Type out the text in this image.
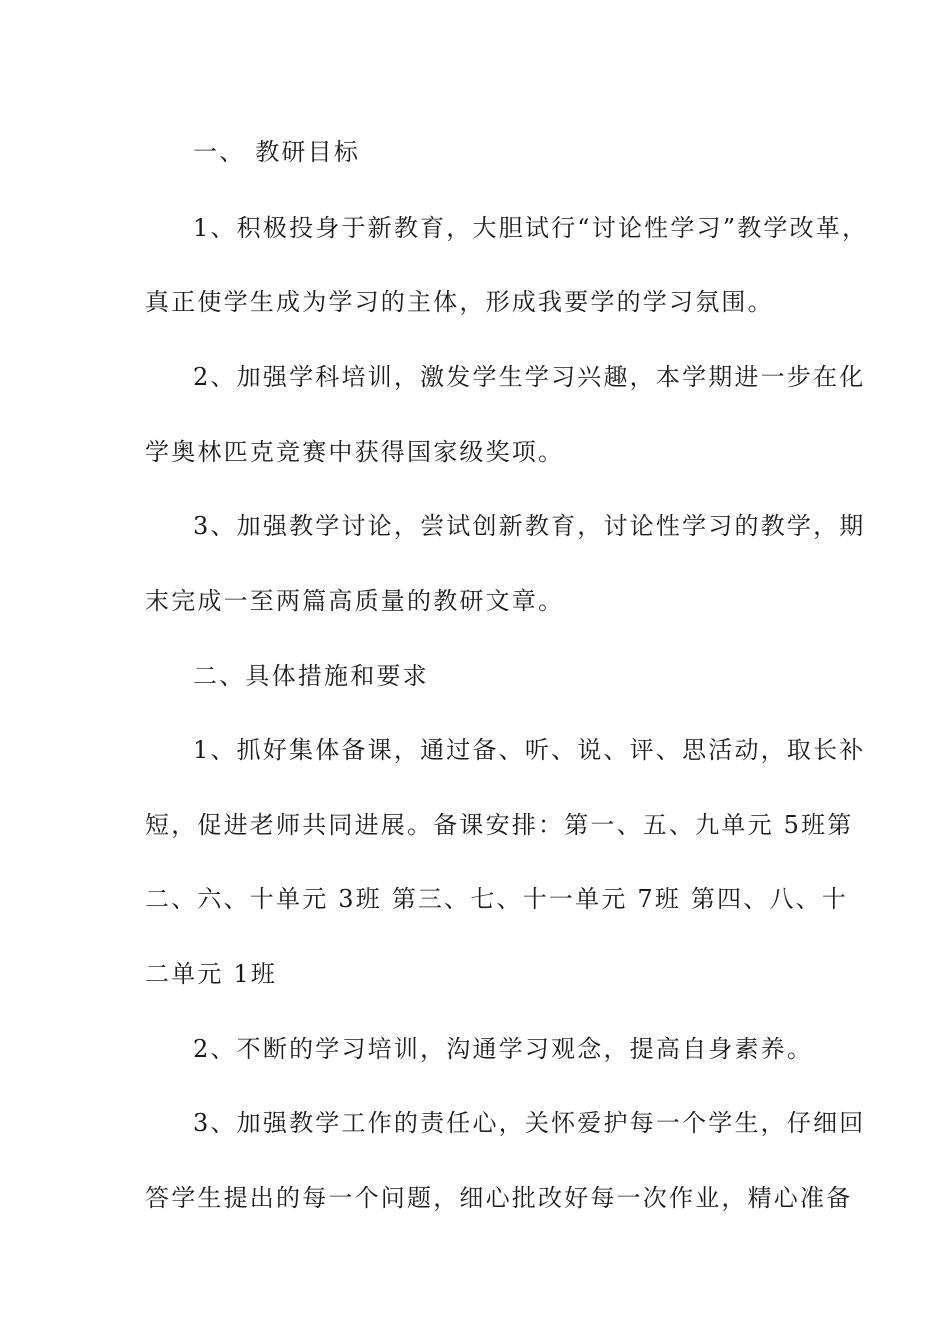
一、 教研目标

1、积极投身于新教育，大胆试行“讨论性学习”教学改革，

真正使学生成为学习的主体，形成我要学的学习氛围。

2、加强学科培训，激发学生学习兴趣，本学期进一步在化

学奥林匹克竞赛中获得国家级奖项。

3、加强教学讨论，尝试创新教育，讨论性学习的教学，期

末完成一至两篇高质量的教研文章。

二、具体措施和要求

1、抓好集体备课，通过备、听、说、评、思活动，取长补

短，促进老师共同进展。备课安排：第一、五、九单元 5班第

二、六、十单元 3班 第三、七、十一单元 7班 第四、八、十

二单元 1班

2、不断的学习培训，沟通学习观念，提高自身素养。

3、加强教学工作的责任心，关怀爱护每一个学生，仔细回

答学生提出的每一个问题，细心批改好每一次作业，精心准备
